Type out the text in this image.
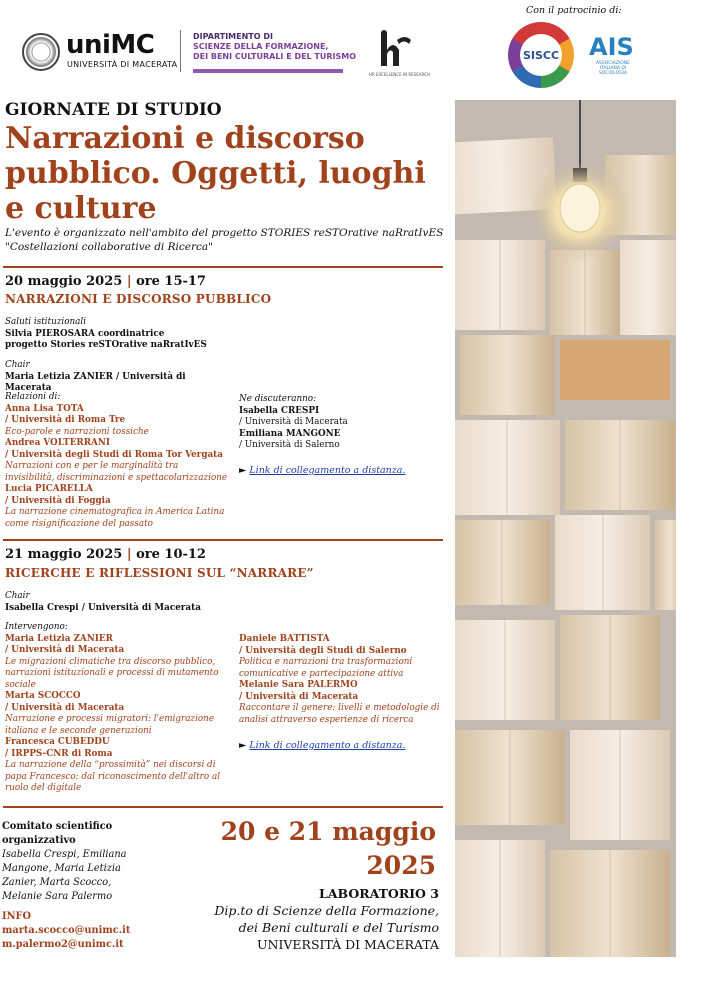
Con il patrocinio di:
uniMC
UNIVERSITÀ DI MACERATA
DIPARTIMENTO DI
SCIENZE DELLA FORMAZIONE,
DEI BENI CULTURALI E DEL TURISMO
HR EXCELLENCE IN RESEARCH
SISCC AIS
ASSOCIAZIONE ITALIANA DI SOCIOLOGIA
GIORNATE DI STUDIO
Narrazioni e discorso pubblico. Oggetti, luoghi e culture
L'evento è organizzato nell'ambito del progetto STORIES reSTOrative naRratIvES "Costellazioni collaborative di Ricerca"
20 maggio 2025 | ore 15-17
NARRAZIONI E DISCORSO PUBBLICO
Saluti istituzionali
Silvia PIEROSARA coordinatrice
progetto Stories reSTOrative naRratIvES
Chair
Maria Letizia ZANIER / Università di Macerata
Relazioni di:
Anna Lisa TOTA
/ Università di Roma Tre
Eco-parole e narrazioni tossiche
Andrea VOLTERRANI
/ Università degli Studi di Roma Tor Vergata
Narrazioni con e per le marginalità tra invisibilità, discriminazioni e spettacolarizzazione
Lucia PICARELLA
/ Università di Foggia
La narrazione cinematografica in America Latina come risignificazione del passato
Ne discuteranno:
Isabella CRESPI
/ Università di Macerata
Emiliana MANGONE
/ Università di Salerno
► Link di collegamento a distanza.
21 maggio 2025 | ore 10-12
RICERCHE E RIFLESSIONI SUL “NARRARE”
Chair
Isabella Crespi / Università di Macerata
Intervengono:
Maria Letizia ZANIER
/ Università di Macerata
Le migrazioni climatiche tra discorso pubblico, narrazioni istituzionali e processi di mutamento sociale
Marta SCOCCO
/ Università di Macerata
Narrazione e processi migratori: l'emigrazione italiana e le seconde generazioni
Francesca CUBEDDU
/ IRPPS-CNR di Roma
La narrazione della “prossimità” nei discorsi di papa Francesco: dal riconoscimento dell'altro al ruolo del digitale
Daniele BATTISTA
/ Università degli Studi di Salerno
Politica e narrazioni tra trasformazioni comunicative e partecipazione attiva
Melanie Sara PALERMO
/ Università di Macerata
Raccontare il genere: livelli e metodologie di analisi attraverso esperienze di ricerca
► Link di collegamento a distanza.
Comitato scientifico organizzativo
Isabella Crespi, Emiliana Mangone, Maria Letizia Zanier, Marta Scocco, Melanie Sara Palermo
INFO
marta.scocco@unimc.it
m.palermo2@unimc.it
20 e 21 maggio 2025
LABORATORIO 3
Dip.to di Scienze della Formazione, dei Beni culturali e del Turismo
UNIVERSITÀ DI MACERATA
